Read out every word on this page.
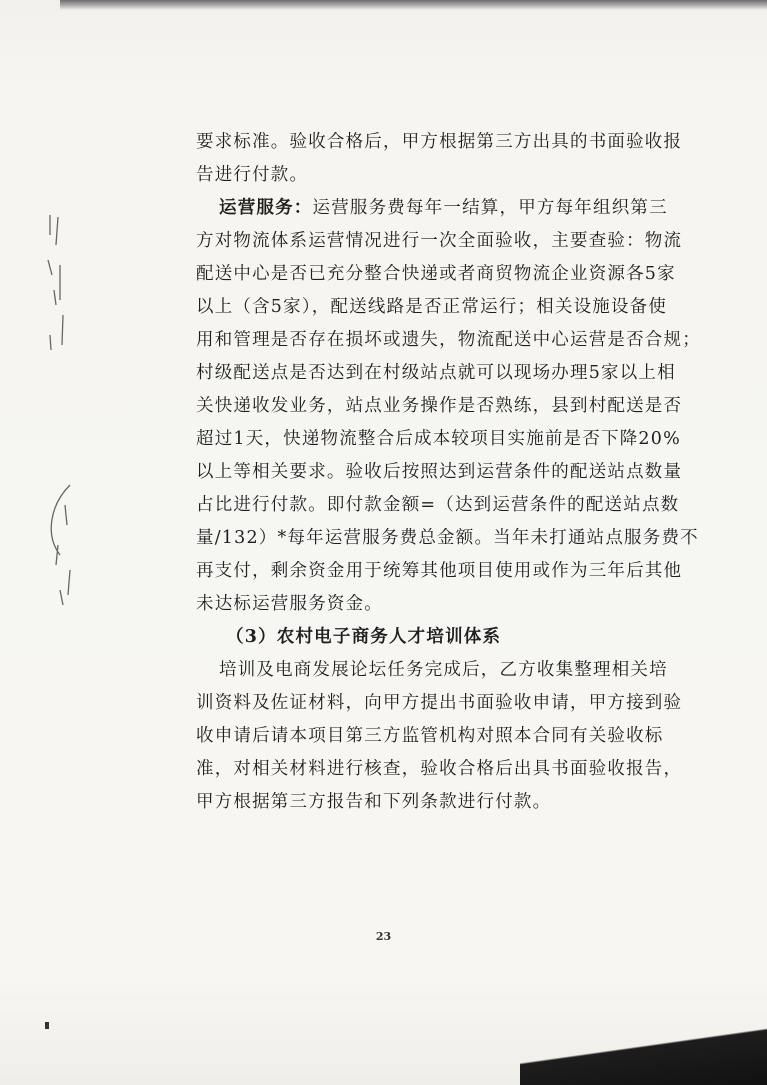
要求标准。验收合格后，甲方根据第三方出具的书面验收报
告进行付款。
运营服务：运营服务费每年一结算，甲方每年组织第三
方对物流体系运营情况进行一次全面验收，主要查验：物流
配送中心是否已充分整合快递或者商贸物流企业资源各5家
以上（含5家），配送线路是否正常运行；相关设施设备使
用和管理是否存在损坏或遗失，物流配送中心运营是否合规；
村级配送点是否达到在村级站点就可以现场办理5家以上相
关快递收发业务，站点业务操作是否熟练，县到村配送是否
超过1天，快递物流整合后成本较项目实施前是否下降20%
以上等相关要求。验收后按照达到运营条件的配送站点数量
占比进行付款。即付款金额=（达到运营条件的配送站点数
量/132）*每年运营服务费总金额。当年未打通站点服务费不
再支付，剩余资金用于统筹其他项目使用或作为三年后其他
未达标运营服务资金。
（3）农村电子商务人才培训体系
培训及电商发展论坛任务完成后，乙方收集整理相关培
训资料及佐证材料，向甲方提出书面验收申请，甲方接到验
收申请后请本项目第三方监管机构对照本合同有关验收标
准，对相关材料进行核查，验收合格后出具书面验收报告，
甲方根据第三方报告和下列条款进行付款。
23
